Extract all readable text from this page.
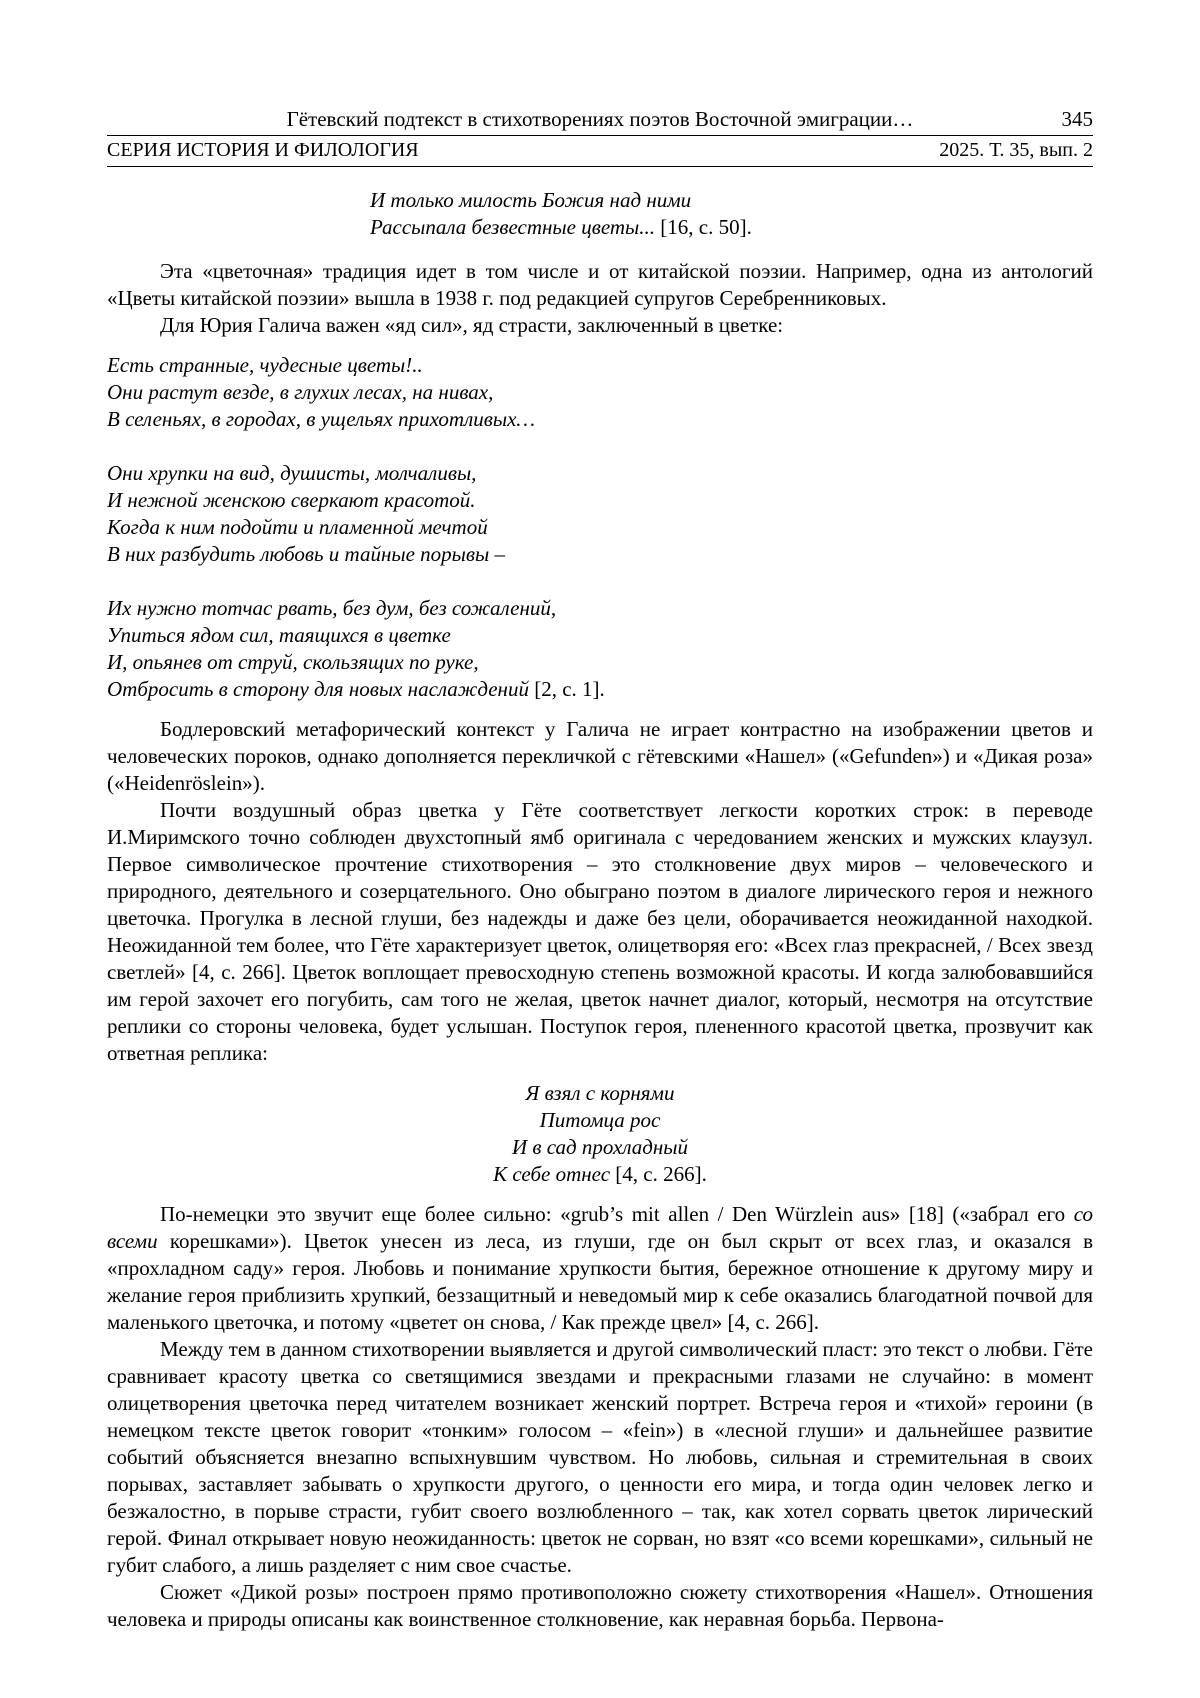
Гётевский подтекст в стихотворениях поэтов Восточной эмиграции…	345
СЕРИЯ ИСТОРИЯ И ФИЛОЛОГИЯ	2025. Т. 35, вып. 2
И только милость Божия над ними
Рассыпала безвестные цветы... [16, с. 50].

Эта «цветочная» традиция идет в том числе и от китайской поэзии. Например, одна из антологий «Цветы китайской поэзии» вышла в 1938 г. под редакцией супругов Серебренниковых.

Для Юрия Галича важен «яд сил», яд страсти, заключенный в цветке:

Есть странные, чудесные цветы!..
Они растут везде, в глухих лесах, на нивах,
В селеньях, в городах, в ущельях прихотливых…
Они хрупки на вид, душисты, молчаливы,
И нежной женскою сверкают красотой.
Когда к ним подойти и пламенной мечтой
В них разбудить любовь и тайные порывы –
Их нужно тотчас рвать, без дум, без сожалений,
Упиться ядом сил, таящихся в цветке
И, опьянев от струй, скользящих по руке,
Отбросить в сторону для новых наслаждений [2, с. 1].

Бодлеровский метафорический контекст у Галича не играет контрастно на изображении цветов и человеческих пороков, однако дополняется перекличкой с гётевскими «Нашел» («Gefunden») и «Дикая роза» («Heidenröslein»).

Почти воздушный образ цветка у Гёте соответствует легкости коротких строк: в переводе И.Миримского точно соблюден двухстопный ямб оригинала с чередованием женских и мужских клаузул. Первое символическое прочтение стихотворения – это столкновение двух миров – человеческого и природного, деятельного и созерцательного. Оно обыграно поэтом в диалоге лирического героя и нежного цветочка. Прогулка в лесной глуши, без надежды и даже без цели, оборачивается неожиданной находкой. Неожиданной тем более, что Гёте характеризует цветок, олицетворяя его: «Всех глаз прекрасней, / Всех звезд светлей» [4, с. 266]. Цветок воплощает превосходную степень возможной красоты. И когда залюбовавшийся им герой захочет его погубить, сам того не желая, цветок начнет диалог, который, несмотря на отсутствие реплики со стороны человека, будет услышан. Поступок героя, плененного красотой цветка, прозвучит как ответная реплика:

Я взял с корнями
Питомца рос
И в сад прохладный
К себе отнес [4, с. 266].

По-немецки это звучит еще более сильно: «grub’s mit allen / Den Würzlein aus» [18] («забрал его со всеми корешками»). Цветок унесен из леса, из глуши, где он был скрыт от всех глаз, и оказался в «прохладном саду» героя. Любовь и понимание хрупкости бытия, бережное отношение к другому миру и желание героя приблизить хрупкий, беззащитный и неведомый мир к себе оказались благодатной почвой для маленького цветочка, и потому «цветет он снова, / Как прежде цвел» [4, с. 266].

Между тем в данном стихотворении выявляется и другой символический пласт: это текст о любви. Гёте сравнивает красоту цветка со светящимися звездами и прекрасными глазами не случайно: в момент олицетворения цветочка перед читателем возникает женский портрет. Встреча героя и «тихой» героини (в немецком тексте цветок говорит «тонким» голосом – «fein») в «лесной глуши» и дальнейшее развитие событий объясняется внезапно вспыхнувшим чувством. Но любовь, сильная и стремительная в своих порывах, заставляет забывать о хрупкости другого, о ценности его мира, и тогда один человек легко и безжалостно, в порыве страсти, губит своего возлюбленного – так, как хотел сорвать цветок лирический герой. Финал открывает новую неожиданность: цветок не сорван, но взят «со всеми корешками», сильный не губит слабого, а лишь разделяет с ним свое счастье.

Сюжет «Дикой розы» построен прямо противоположно сюжету стихотворения «Нашел». Отношения человека и природы описаны как воинственное столкновение, как неравная борьба. Первона-
